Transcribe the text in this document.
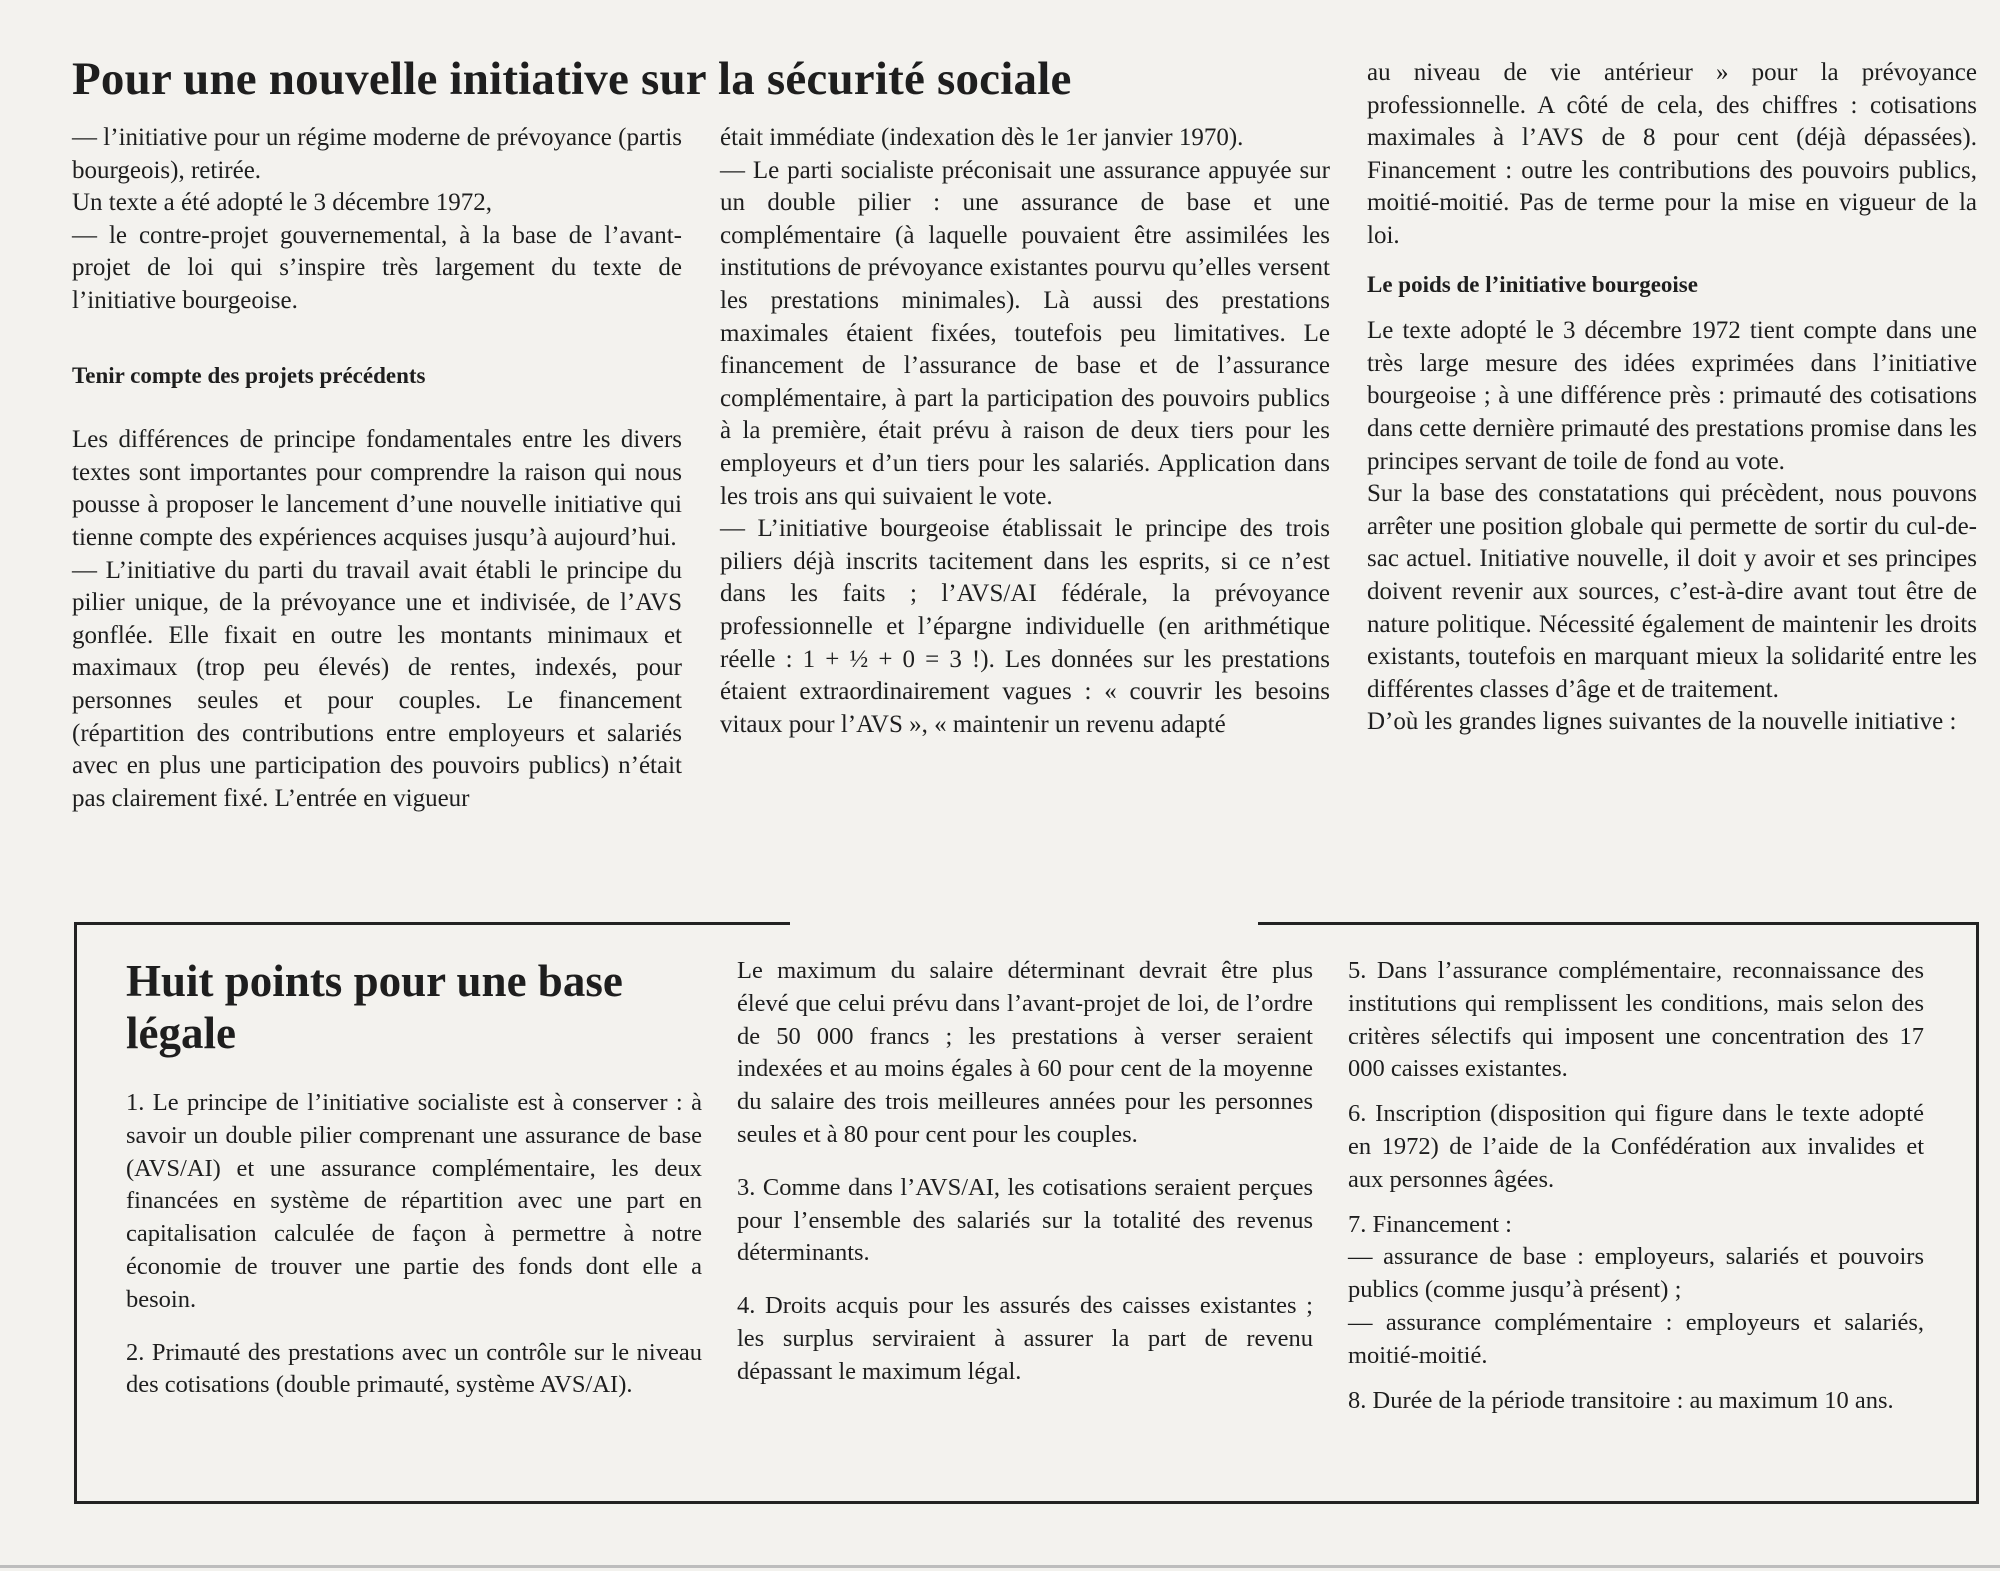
Pour une nouvelle initiative sur la sécurité sociale

— l’initiative pour un régime moderne de prévoyance (partis bourgeois), retirée.

Un texte a été adopté le 3 décembre 1972,

— le contre-projet gouvernemental, à la base de l’avant-projet de loi qui s’inspire très largement du texte de l’initiative bourgeoise.

Tenir compte des projets précédents

Les différences de principe fondamentales entre les divers textes sont importantes pour comprendre la raison qui nous pousse à proposer le lancement d’une nouvelle initiative qui tienne compte des expériences acquises jusqu’à aujourd’hui.

— L’initiative du parti du travail avait établi le principe du pilier unique, de la prévoyance une et indivisée, de l’AVS gonflée. Elle fixait en outre les montants minimaux et maximaux (trop peu élevés) de rentes, indexés, pour personnes seules et pour couples. Le financement (répartition des contributions entre employeurs et salariés avec en plus une participation des pouvoirs publics) n’était pas clairement fixé. L’entrée en vigueur

était immédiate (indexation dès le 1er janvier 1970).

— Le parti socialiste préconisait une assurance appuyée sur un double pilier : une assurance de base et une complémentaire (à laquelle pouvaient être assimilées les institutions de prévoyance existantes pourvu qu’elles versent les prestations minimales). Là aussi des prestations maximales étaient fixées, toutefois peu limitatives. Le financement de l’assurance de base et de l’assurance complémentaire, à part la participation des pouvoirs publics à la première, était prévu à raison de deux tiers pour les employeurs et d’un tiers pour les salariés. Application dans les trois ans qui suivaient le vote.

— L’initiative bourgeoise établissait le principe des trois piliers déjà inscrits tacitement dans les esprits, si ce n’est dans les faits ; l’AVS/AI fédérale, la prévoyance professionnelle et l’épargne individuelle (en arithmétique réelle : 1 + ½ + 0 = 3 !). Les données sur les prestations étaient extraordinairement vagues : « couvrir les besoins vitaux pour l’AVS », « maintenir un revenu adapté

au niveau de vie antérieur » pour la prévoyance professionnelle. A côté de cela, des chiffres : cotisations maximales à l’AVS de 8 pour cent (déjà dépassées). Financement : outre les contributions des pouvoirs publics, moitié-moitié. Pas de terme pour la mise en vigueur de la loi.

Le poids de l’initiative bourgeoise

Le texte adopté le 3 décembre 1972 tient compte dans une très large mesure des idées exprimées dans l’initiative bourgeoise ; à une différence près : primauté des cotisations dans cette dernière primauté des prestations promise dans les principes servant de toile de fond au vote.

Sur la base des constatations qui précèdent, nous pouvons arrêter une position globale qui permette de sortir du cul-de-sac actuel. Initiative nouvelle, il doit y avoir et ses principes doivent revenir aux sources, c’est-à-dire avant tout être de nature politique. Nécessité également de maintenir les droits existants, toutefois en marquant mieux la solidarité entre les différentes classes d’âge et de traitement.

D’où les grandes lignes suivantes de la nouvelle initiative :

Huit points pour une base légale

1. Le principe de l’initiative socialiste est à conserver : à savoir un double pilier comprenant une assurance de base (AVS/AI) et une assurance complémentaire, les deux financées en système de répartition avec une part en capitalisation calculée de façon à permettre à notre économie de trouver une partie des fonds dont elle a besoin.

2. Primauté des prestations avec un contrôle sur le niveau des cotisations (double primauté, système AVS/AI).

Le maximum du salaire déterminant devrait être plus élevé que celui prévu dans l’avant-projet de loi, de l’ordre de 50 000 francs ; les prestations à verser seraient indexées et au moins égales à 60 pour cent de la moyenne du salaire des trois meilleures années pour les personnes seules et à 80 pour cent pour les couples.

3. Comme dans l’AVS/AI, les cotisations seraient perçues pour l’ensemble des salariés sur la totalité des revenus déterminants.

4. Droits acquis pour les assurés des caisses existantes ; les surplus serviraient à assurer la part de revenu dépassant le maximum légal.

5. Dans l’assurance complémentaire, reconnaissance des institutions qui remplissent les conditions, mais selon des critères sélectifs qui imposent une concentration des 17 000 caisses existantes.

6. Inscription (disposition qui figure dans le texte adopté en 1972) de l’aide de la Confédération aux invalides et aux personnes âgées.

7. Financement :

— assurance de base : employeurs, salariés et pouvoirs publics (comme jusqu’à présent) ;

— assurance complémentaire : employeurs et salariés, moitié-moitié.

8. Durée de la période transitoire : au maximum 10 ans.
